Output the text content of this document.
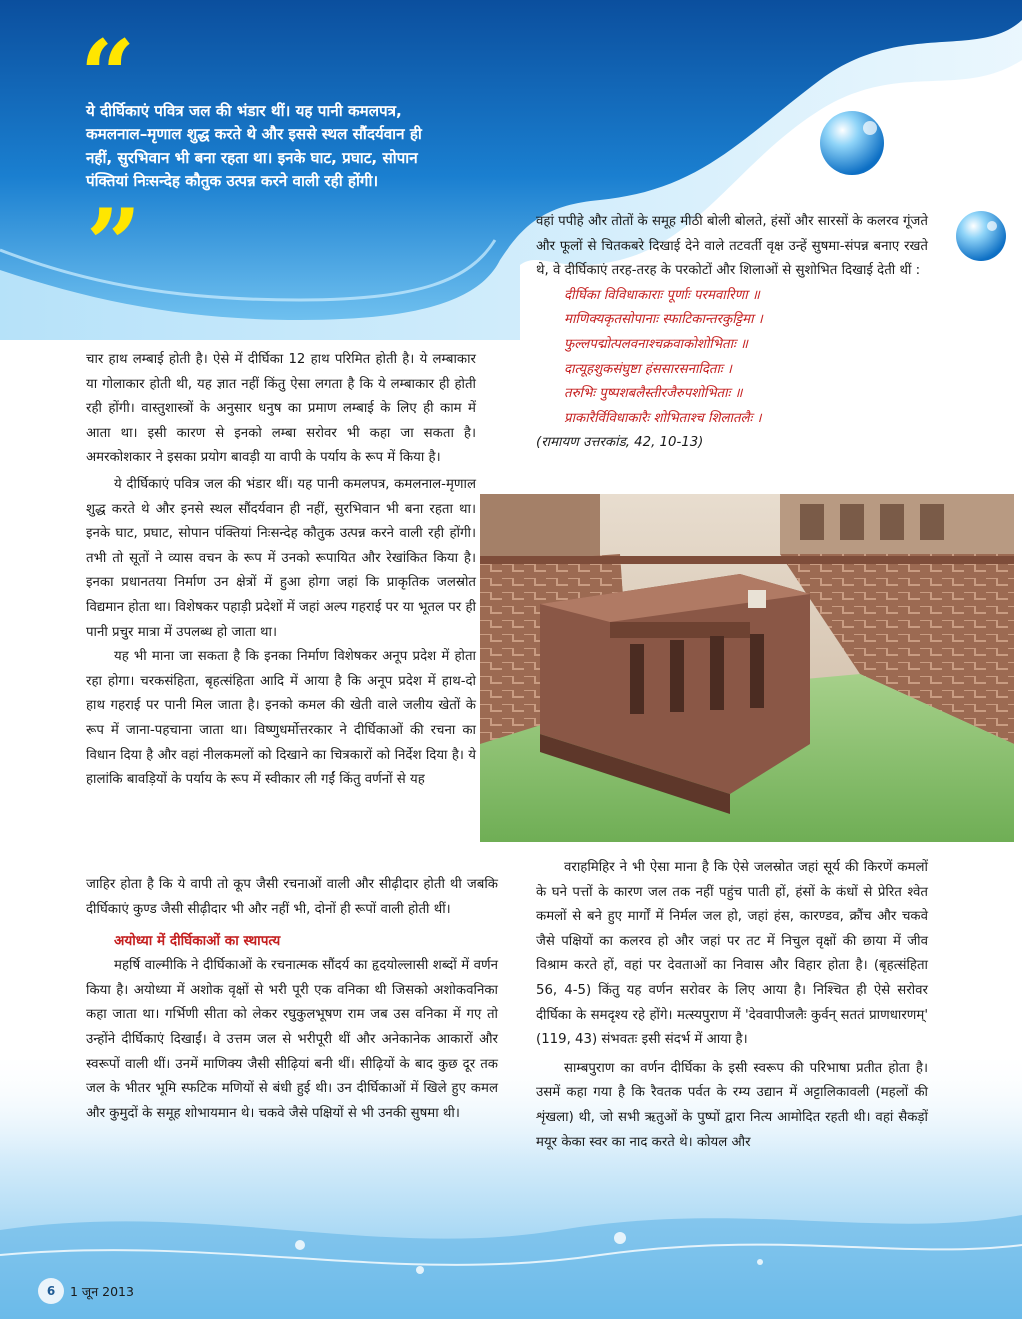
“
ये दीर्घिकाएं पवित्र जल की भंडार थीं। यह पानी कमलपत्र, कमलनाल–मृणाल शुद्ध करते थे और इससे स्थल सौंदर्यवान ही नहीं, सुरभिवान भी बना रहता था। इनके घाट, प्रघाट, सोपान पंक्तियां निःसन्देह कौतुक उत्पन्न करने वाली रही होंगी।
”	वहां पपीहे और तोतों के समूह मीठी बोली बोलते, हंसों और सारसों के कलरव गूंजते और फूलों से चितकबरे दिखाई देने वाले तटवर्ती वृक्ष उन्हें सुषमा-संपन्न बनाए रखते थे, वे दीर्घिकाएं तरह-तरह के परकोटों और शिलाओं से सुशोभित दिखाई देती थीं :

दीर्घिका विविधाकाराः पूर्णाः परमवारिणा ॥
माणिक्यकृतसोपानाः स्फाटिकान्तरकुट्टिमा ।
फुल्लपद्मोत्पलवनाश्चक्रवाकोशोभिताः ॥
दात्यूहशुकसंघुष्टा हंससारसनादिताः ।
तरुभिः पुष्पशबलैस्तीरजैरुपशोभिताः ॥
प्राकारैर्विविधाकारैः शोभिताश्च शिलातलैः ।
(रामायण उत्तरकांड, 42, 10-13)

चार हाथ लम्बाई होती है। ऐसे में दीर्घिका 12 हाथ परिमित होती है। ये लम्बाकार या गोलाकार होती थी, यह ज्ञात नहीं किंतु ऐसा लगता है कि ये लम्बाकार ही होती रही होंगी। वास्तुशास्त्रों के अनुसार धनुष का प्रमाण लम्बाई के लिए ही काम में आता था। इसी कारण से इनको लम्बा सरोवर भी कहा जा सकता है। अमरकोशकार ने इसका प्रयोग बावड़ी या वापी के पर्याय के रूप में किया है।

ये दीर्घिकाएं पवित्र जल की भंडार थीं। यह पानी कमलपत्र, कमलनाल-मृणाल शुद्ध करते थे और इनसे स्थल सौंदर्यवान ही नहीं, सुरभिवान भी बना रहता था। इनके घाट, प्रघाट, सोपान पंक्तियां निःसन्देह कौतुक उत्पन्न करने वाली रही होंगी। तभी तो सूतों ने व्यास वचन के रूप में उनको रूपायित और रेखांकित किया है। इनका प्रधानतया निर्माण उन क्षेत्रों में हुआ होगा जहां कि प्राकृतिक जलस्रोत विद्यमान होता था। विशेषकर पहाड़ी प्रदेशों में जहां अल्प गहराई पर या भूतल पर ही पानी प्रचुर मात्रा में उपलब्ध हो जाता था।

यह भी माना जा सकता है कि इनका निर्माण विशेषकर अनूप प्रदेश में होता रहा होगा। चरकसंहिता, बृहत्संहिता आदि में आया है कि अनूप प्रदेश में हाथ-दो हाथ गहराई पर पानी मिल जाता है। इनको कमल की खेती वाले जलीय खेतों के रूप में जाना-पहचाना जाता था। विष्णुधर्मोत्तरकार ने दीर्घिकाओं की रचना का विधान दिया है और वहां नीलकमलों को दिखाने का चित्रकारों को निर्देश दिया है। ये हालांकि बावड़ियों के पर्याय के रूप में स्वीकार ली गईं किंतु वर्णनों से यह

जाहिर होता है कि ये वापी तो कूप जैसी रचनाओं वाली और सीढ़ीदार होती थी जबकि दीर्घिकाएं कुण्ड जैसी सीढ़ीदार भी और नहीं भी, दोनों ही रूपों वाली होती थीं।

अयोध्या में दीर्घिकाओं का स्थापत्य

महर्षि वाल्मीकि ने दीर्घिकाओं के रचनात्मक सौंदर्य का हृदयोल्लासी शब्दों में वर्णन किया है। अयोध्या में अशोक वृक्षों से भरी पूरी एक वनिका थी जिसको अशोकवनिका कहा जाता था। गर्भिणी सीता को लेकर रघुकुलभूषण राम जब उस वनिका में गए तो उन्होंने दीर्घिकाएं दिखाईं। वे उत्तम जल से भरीपूरी थीं और अनेकानेक आकारों और स्वरूपों वाली थीं। उनमें माणिक्य जैसी सीढ़ियां बनी थीं। सीढ़ियों के बाद कुछ दूर तक जल के भीतर भूमि स्फटिक मणियों से बंधी हुई थी। उन दीर्घिकाओं में खिले हुए कमल और कुमुदों के समूह शोभायमान थे। चकवे जैसे पक्षियों से भी उनकी सुषमा थी।

वराहमिहिर ने भी ऐसा माना है कि ऐसे जलस्रोत जहां सूर्य की किरणें कमलों के घने पत्तों के कारण जल तक नहीं पहुंच पाती हों, हंसों के कंधों से प्रेरित श्वेत कमलों से बने हुए मार्गों में निर्मल जल हो, जहां हंस, कारण्डव, क्रौंच और चकवे जैसे पक्षियों का कलरव हो और जहां पर तट में निचुल वृक्षों की छाया में जीव विश्राम करते हों, वहां पर देवताओं का निवास और विहार होता है। (बृहत्संहिता 56, 4-5) किंतु यह वर्णन सरोवर के लिए आया है। निश्चित ही ऐसे सरोवर दीर्घिका के समदृश्य रहे होंगे। मत्स्यपुराण में 'देववापीजलैः कुर्वन् सततं प्राणधारणम्' (119, 43) संभवतः इसी संदर्भ में आया है।

साम्बपुराण का वर्णन दीर्घिका के इसी स्वरूप की परिभाषा प्रतीत होता है। उसमें कहा गया है कि रैवतक पर्वत के रम्य उद्यान में अट्टालिकावली (महलों की शृंखला) थी, जो सभी ऋतुओं के पुष्पों द्वारा नित्य आमोदित रहती थी। वहां सैकड़ों मयूर केका स्वर का नाद करते थे। कोयल और

6	1 जून 2013
